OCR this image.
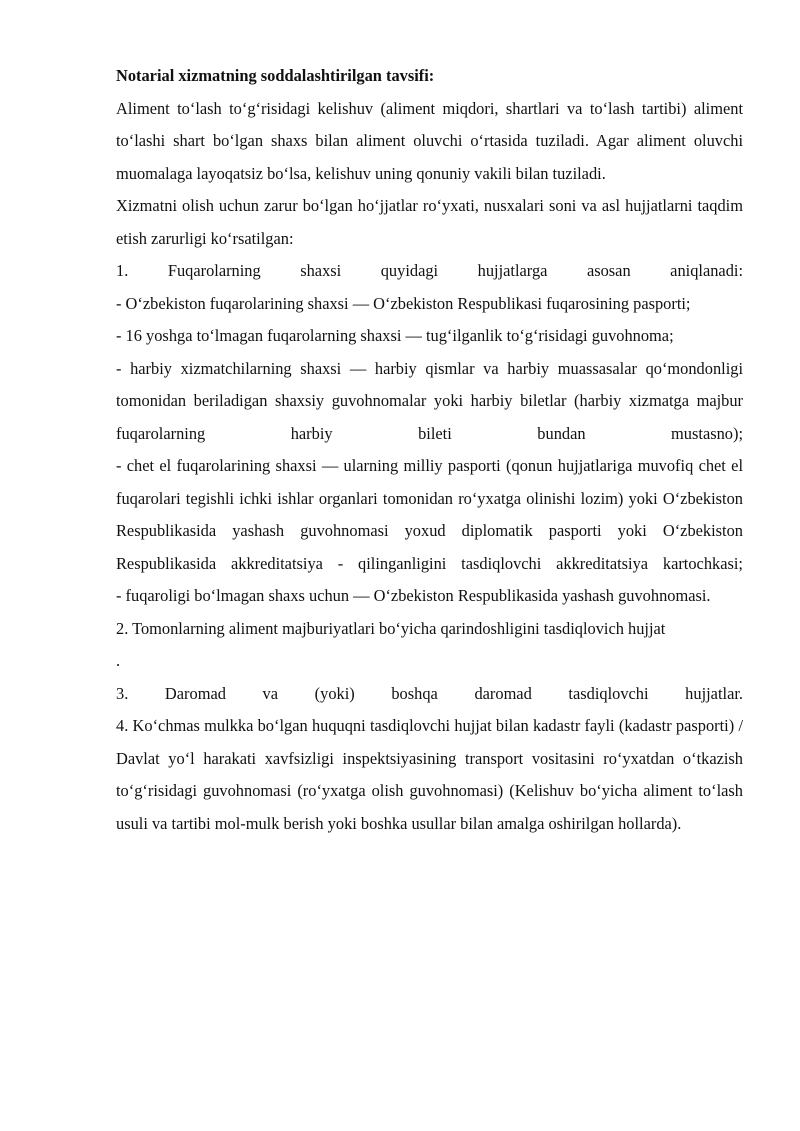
Notarial xizmatning soddalashtirilgan tavsifi:

Aliment to‘lash to‘g‘risidagi kelishuv (aliment miqdori, shartlari va to‘lash tartibi) aliment to‘lashi shart bo‘lgan shaxs bilan aliment oluvchi o‘rtasida tuziladi. Agar aliment oluvchi muomalaga layoqatsiz bo‘lsa, kelishuv uning qonuniy vakili bilan tuziladi.

Xizmatni olish uchun zarur bo‘lgan ho‘jjatlar ro‘yxati, nusxalari soni va asl hujjatlarni taqdim etish zarurligi ko‘rsatilgan:

1. Fuqarolarning shaxsi quyidagi hujjatlarga asosan aniqlanadi:

- O‘zbekiston fuqarolarining shaxsi — O‘zbekiston Respublikasi fuqarosining pasporti;

- 16 yoshga to‘lmagan fuqarolarning shaxsi — tug‘ilganlik to‘g‘risidagi guvohnoma;

- harbiy xizmatchilarning shaxsi — harbiy qismlar va harbiy muassasalar qo‘mondonligi tomonidan beriladigan shaxsiy guvohnomalar yoki harbiy biletlar (harbiy xizmatga majbur fuqarolarning harbiy bileti bundan mustasno);

- chet el fuqarolarining shaxsi — ularning milliy pasporti (qonun hujjatlariga muvofiq chet el fuqarolari tegishli ichki ishlar organlari tomonidan ro‘yxatga olinishi lozim) yoki O‘zbekiston Respublikasida yashash guvohnomasi yoxud diplomatik pasporti yoki O‘zbekiston Respublikasida akkreditatsiya - qilinganligini tasdiqlovchi akkreditatsiya kartochkasi;

- fuqaroligi bo‘lmagan shaxs uchun — O‘zbekiston Respublikasida yashash guvohnomasi.

2. Tomonlarning aliment majburiyatlari bo‘yicha qarindoshligini tasdiqlovich hujjat

.

3. Daromad va (yoki) boshqa daromad tasdiqlovchi hujjatlar.

4. Ko‘chmas mulkka bo‘lgan huquqni tasdiqlovchi hujjat bilan kadastr fayli (kadastr pasporti) / Davlat yo‘l harakati xavfsizligi inspektsiyasining transport vositasini ro‘yxatdan o‘tkazish to‘g‘risidagi guvohnomasi (ro‘yxatga olish guvohnomasi) (Kelishuv bo‘yicha aliment to‘lash usuli va tartibi mol-mulk berish yoki boshka usullar bilan amalga oshirilgan hollarda).
